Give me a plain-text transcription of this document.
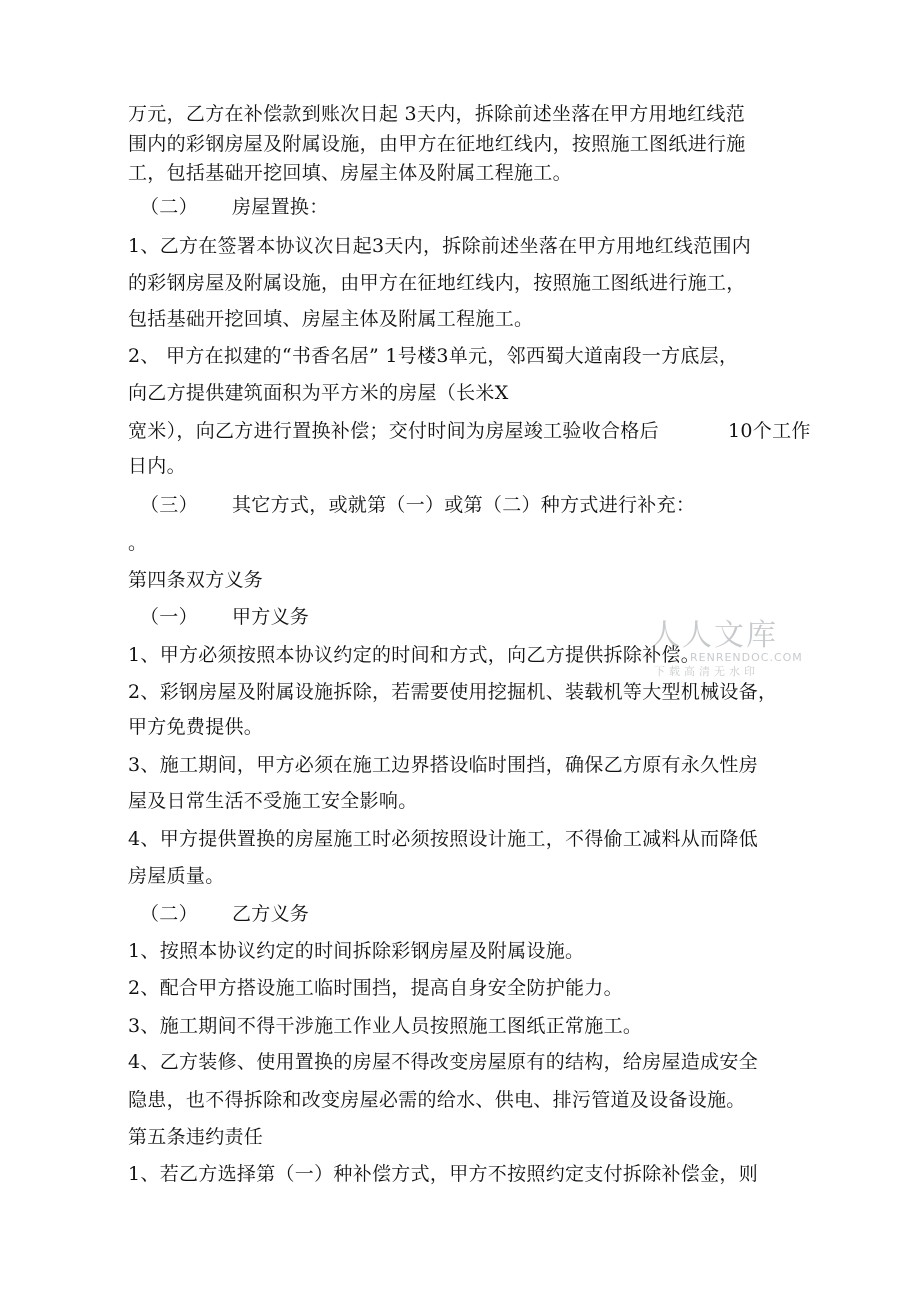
万元，乙方在补偿款到账次日起 3天内，拆除前述坐落在甲方用地红线范
围内的彩钢房屋及附属设施，由甲方在征地红线内，按照施工图纸进行施
工，包括基础开挖回填、房屋主体及附属工程施工。
（二） 房屋置换：
1、乙方在签署本协议次日起3天内，拆除前述坐落在甲方用地红线范围内
的彩钢房屋及附属设施，由甲方在征地红线内，按照施工图纸进行施工，
包括基础开挖回填、房屋主体及附属工程施工。
2、 甲方在拟建的“书香名居” 1号楼3单元，邻西蜀大道南段一方底层，
向乙方提供建筑面积为平方米的房屋（长米X
宽米），向乙方进行置换补偿；交付时间为房屋竣工验收合格后	10个工作
日内。
（三） 其它方式，或就第（一）或第（二）种方式进行补充：
。
第四条双方义务
（一） 甲方义务
1、甲方必须按照本协议约定的时间和方式，向乙方提供拆除补偿。
2、彩钢房屋及附属设施拆除，若需要使用挖掘机、装载机等大型机械设备，
甲方免费提供。
3、施工期间，甲方必须在施工边界搭设临时围挡，确保乙方原有永久性房
屋及日常生活不受施工安全影响。
4、甲方提供置换的房屋施工时必须按照设计施工，不得偷工减料从而降低
房屋质量。
（二） 乙方义务
1、按照本协议约定的时间拆除彩钢房屋及附属设施。
2、配合甲方搭设施工临时围挡，提高自身安全防护能力。
3、施工期间不得干涉施工作业人员按照施工图纸正常施工。
4、乙方装修、使用置换的房屋不得改变房屋原有的结构，给房屋造成安全
隐患，也不得拆除和改变房屋必需的给水、供电、排污管道及设备设施。
第五条违约责任
1、若乙方选择第（一）种补偿方式，甲方不按照约定支付拆除补偿金，则
人人文库
RENRENDOC.COM
下载高清无水印
